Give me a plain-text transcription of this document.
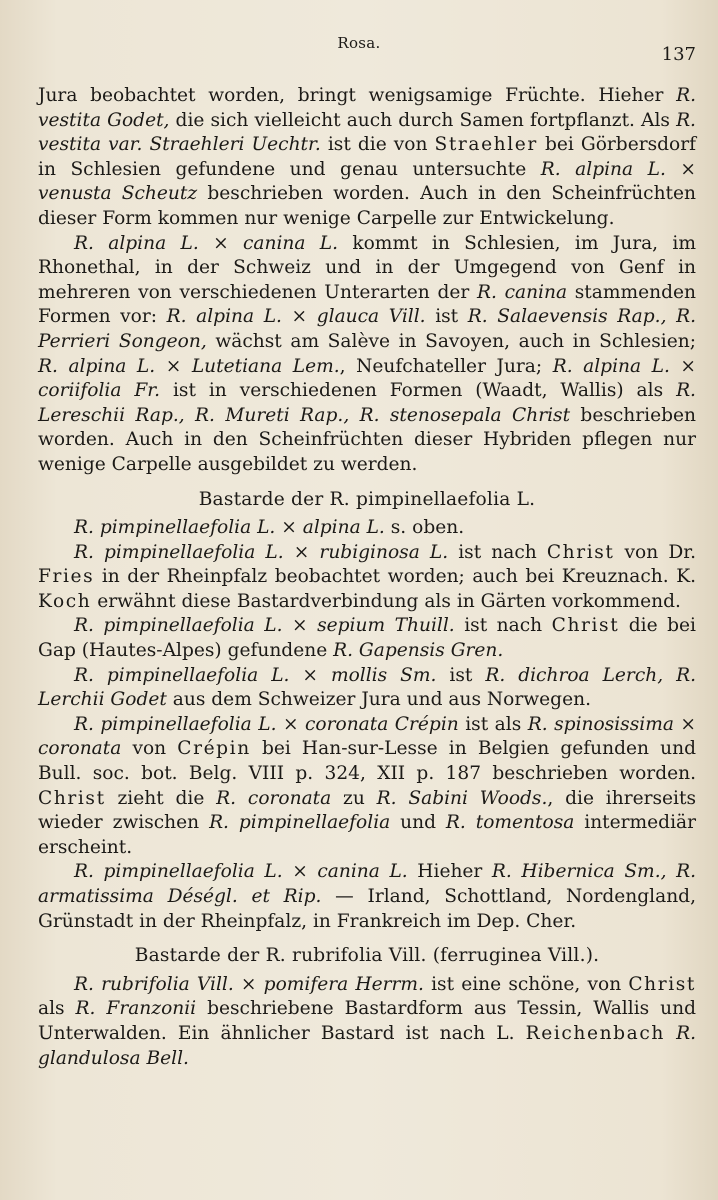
Rosa.
137

Jura beobachtet worden, bringt wenigsamige Früchte. Hieher R. vestita Godet, die sich vielleicht auch durch Samen fortpflanzt. Als R. vestita var. Straehleri Uechtr. ist die von Straehler bei Görbersdorf in Schlesien gefundene und genau untersuchte R. alpina L. × venusta Scheutz beschrieben worden. Auch in den Scheinfrüchten dieser Form kommen nur wenige Carpelle zur Entwickelung.

R. alpina L. × canina L. kommt in Schlesien, im Jura, im Rhonethal, in der Schweiz und in der Umgegend von Genf in mehreren von verschiedenen Unterarten der R. canina stammenden Formen vor: R. alpina L. × glauca Vill. ist R. Salaevensis Rap., R. Perrieri Songeon, wächst am Salève in Savoyen, auch in Schlesien; R. alpina L. × Lutetiana Lem., Neufchateller Jura; R. alpina L. × coriifolia Fr. ist in verschiedenen Formen (Waadt, Wallis) als R. Lereschii Rap., R. Mureti Rap., R. stenosepala Christ beschrieben worden. Auch in den Scheinfrüchten dieser Hybriden pflegen nur wenige Carpelle ausgebildet zu werden.

Bastarde der R. pimpinellaefolia L.

R. pimpinellaefolia L. × alpina L. s. oben.

R. pimpinellaefolia L. × rubiginosa L. ist nach Christ von Dr. Fries in der Rheinpfalz beobachtet worden; auch bei Kreuznach. K. Koch erwähnt diese Bastardverbindung als in Gärten vorkommend.

R. pimpinellaefolia L. × sepium Thuill. ist nach Christ die bei Gap (Hautes-Alpes) gefundene R. Gapensis Gren.

R. pimpinellaefolia L. × mollis Sm. ist R. dichroa Lerch, R. Lerchii Godet aus dem Schweizer Jura und aus Norwegen.

R. pimpinellaefolia L. × coronata Crépin ist als R. spinosissima × coronata von Crépin bei Han-sur-Lesse in Belgien gefunden und Bull. soc. bot. Belg. VIII p. 324, XII p. 187 beschrieben worden. Christ zieht die R. coronata zu R. Sabini Woods., die ihrerseits wieder zwischen R. pimpinellaefolia und R. tomentosa intermediär erscheint.

R. pimpinellaefolia L. × canina L. Hieher R. Hibernica Sm., R. armatissima Déségl. et Rip. — Irland, Schottland, Nordengland, Grünstadt in der Rheinpfalz, in Frankreich im Dep. Cher.

Bastarde der R. rubrifolia Vill. (ferruginea Vill.).

R. rubrifolia Vill. × pomifera Herrm. ist eine schöne, von Christ als R. Franzonii beschriebene Bastardform aus Tessin, Wallis und Unterwalden. Ein ähnlicher Bastard ist nach L. Reichenbach R. glandulosa Bell.
